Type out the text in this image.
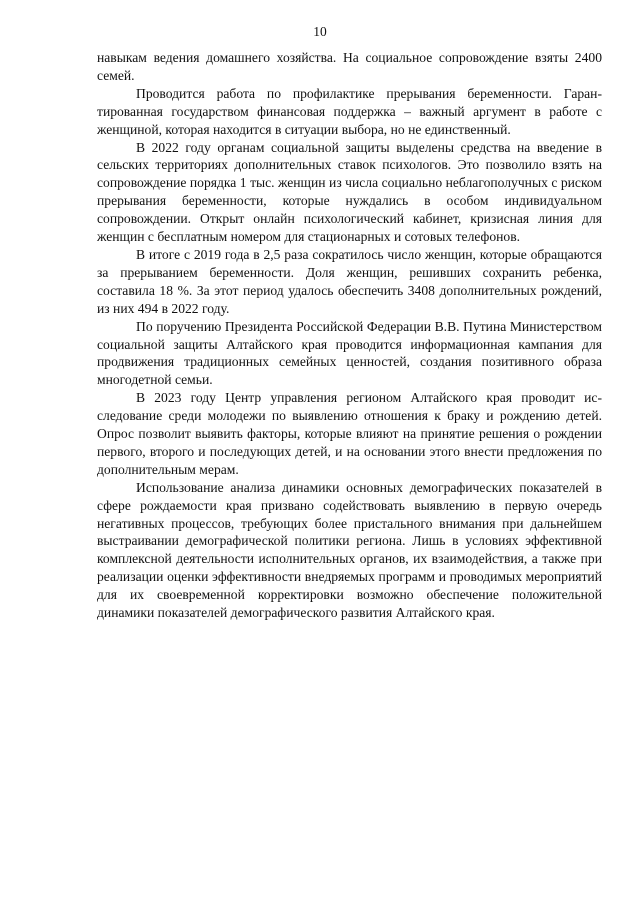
10

навыкам ведения домашнего хозяйства. На социальное сопровождение взяты 2400 семей.

Проводится работа по профилактике прерывания беременности. Гарантированная государством финансовая поддержка – важный аргумент в работе с женщиной, которая находится в ситуации выбора, но не единственный.

В 2022 году органам социальной защиты выделены средства на введение в сельских территориях дополнительных ставок психологов. Это позволило взять на сопровождение порядка 1 тыс. женщин из числа социально неблагополучных с риском прерывания беременности, которые нуждались в особом индивидуальном сопровождении. Открыт онлайн психологический кабинет, кризисная линия для женщин с бесплатным номером для стационарных и сотовых телефонов.

В итоге с 2019 года в 2,5 раза сократилось число женщин, которые обращаются за прерыванием беременности. Доля женщин, решивших сохранить ребенка, составила 18 %. За этот период удалось обеспечить 3408 дополнительных рождений, из них 494 в 2022 году.

По поручению Президента Российской Федерации В.В. Путина Министерством социальной защиты Алтайского края проводится информационная кампания для продвижения традиционных семейных ценностей, создания позитивного образа многодетной семьи.

В 2023 году Центр управления регионом Алтайского края проводит исследование среди молодежи по выявлению отношения к браку и рождению детей. Опрос позволит выявить факторы, которые влияют на принятие решения о рождении первого, второго и последующих детей, и на основании этого внести предложения по дополнительным мерам.

Использование анализа динамики основных демографических показателей в сфере рождаемости края призвано содействовать выявлению в первую очередь негативных процессов, требующих более пристального внимания при дальнейшем выстраивании демографической политики региона. Лишь в условиях эффективной комплексной деятельности исполнительных органов, их взаимодействия, а также при реализации оценки эффективности внедряемых программ и проводимых мероприятий для их своевременной корректировки возможно обеспечение положительной динамики показателей демографического развития Алтайского края.
